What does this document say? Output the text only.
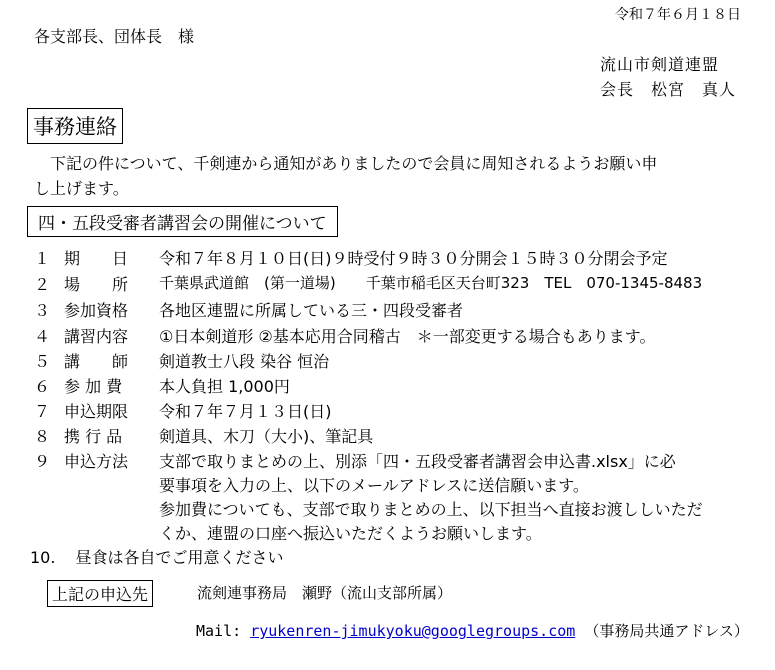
令和７年６月１８日
各支部長、団体長　様
流山市剣道連盟
会長　松宮　真人
事務連絡
　下記の件について、千剣連から通知がありましたので会員に周知されるようお願い申
し上げます。
四・五段受審者講習会の開催について
１ 期　　日 令和７年８月１０日(日)９時受付９時３０分開会１５時３０分閉会予定
２ 場　　所 千葉県武道館　(第一道場)　　千葉市稲毛区天台町323　TEL　070-1345-8483
３ 参加資格 各地区連盟に所属している三・四段受審者
４ 講習内容 ①日本剣道形 ②基本応用合同稽古　＊一部変更する場合もあります。
５ 講　　師 剣道教士八段 染谷 恒治
６ 参 加 費 本人負担 1,000円
７ 申込期限 令和７年７月１３日(日)
８ 携 行 品 剣道具、木刀（大小)、筆記具
９ 申込方法 支部で取りまとめの上、別添「四・五段受審者講習会申込書.xlsx」に必
要事項を入力の上、以下のメールアドレスに送信願います。
参加費についても、支部で取りまとめの上、以下担当へ直接お渡ししいただ
くか、連盟の口座へ振込いただくようお願いします。
10. 昼食は各自でご用意ください
上記の申込先	流剣連事務局　瀬野（流山支部所属）
Mail: ryukenren-jimukyoku@googlegroups.com （事務局共通アドレス）
